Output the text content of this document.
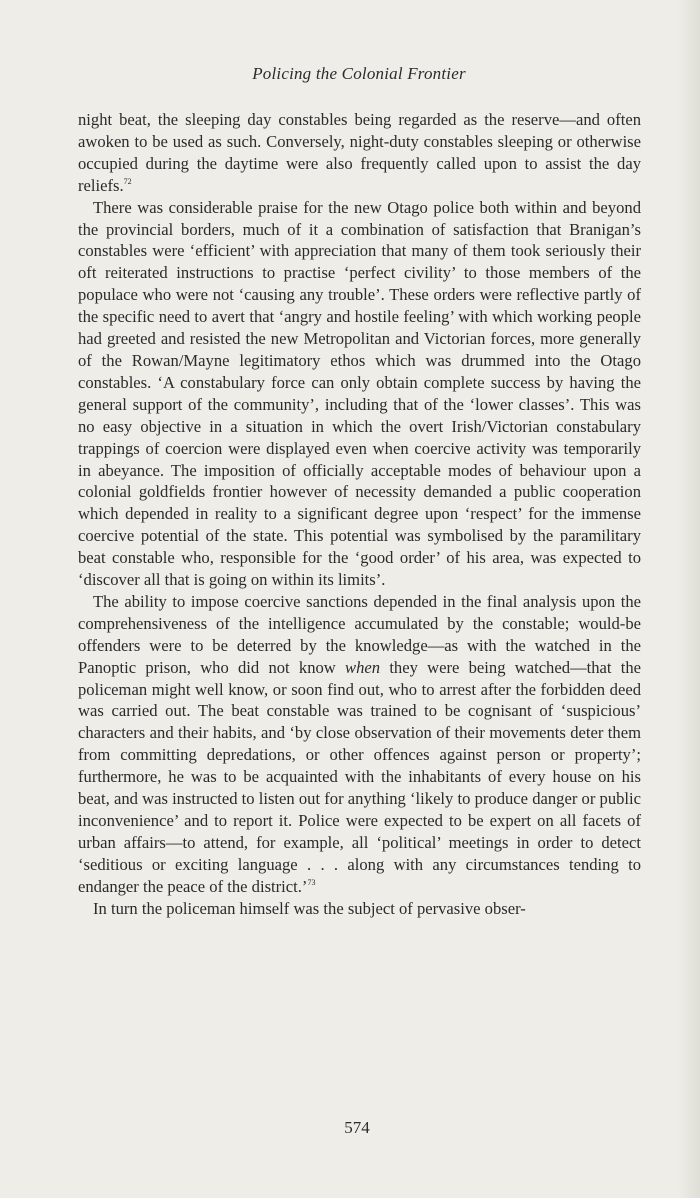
Policing the Colonial Frontier

night beat, the sleeping day constables being regarded as the reserve—and often awoken to be used as such. Conversely, night-duty constables sleeping or otherwise occupied during the daytime were also frequently called upon to assist the day reliefs.$^{72}$

There was considerable praise for the new Otago police both within and beyond the provincial borders, much of it a combination of satisfaction that Branigan’s constables were ‘efficient’ with appreciation that many of them took seriously their oft reiterated instructions to practise ‘perfect civility’ to those members of the populace who were not ‘causing any trouble’. These orders were reflective partly of the specific need to avert that ‘angry and hostile feeling’ with which working people had greeted and resisted the new Metropolitan and Victorian forces, more generally of the Rowan/Mayne legitimatory ethos which was drummed into the Otago constables. ‘A constabulary force can only obtain complete success by having the general support of the community’, including that of the ‘lower classes’. This was no easy objective in a situation in which the overt Irish/Victorian constabulary trappings of coercion were displayed even when coercive activity was temporarily in abeyance. The imposition of officially acceptable modes of behaviour upon a colonial goldfields frontier however of necessity demanded a public cooperation which depended in reality to a significant degree upon ‘respect’ for the immense coercive potential of the state. This potential was symbolised by the paramilitary beat constable who, responsible for the ‘good order’ of his area, was expected to ‘discover all that is going on within its limits’.

The ability to impose coercive sanctions depended in the final analysis upon the comprehensiveness of the intelligence accumulated by the constable; would-be offenders were to be deterred by the knowledge—as with the watched in the Panoptic prison, who did not know when they were being watched—that the policeman might well know, or soon find out, who to arrest after the forbidden deed was carried out. The beat constable was trained to be cognisant of ‘suspicious’ characters and their habits, and ‘by close observation of their movements deter them from committing depredations, or other offences against person or property’; furthermore, he was to be acquainted with the inhabitants of every house on his beat, and was instructed to listen out for anything ‘likely to produce danger or public inconvenience’ and to report it. Police were expected to be expert on all facets of urban affairs—to attend, for example, all ‘political’ meetings in order to detect ‘seditious or exciting language . . . along with any circumstances tending to endanger the peace of the district.’$^{73}$

In turn the policeman himself was the subject of pervasive obser-

574
